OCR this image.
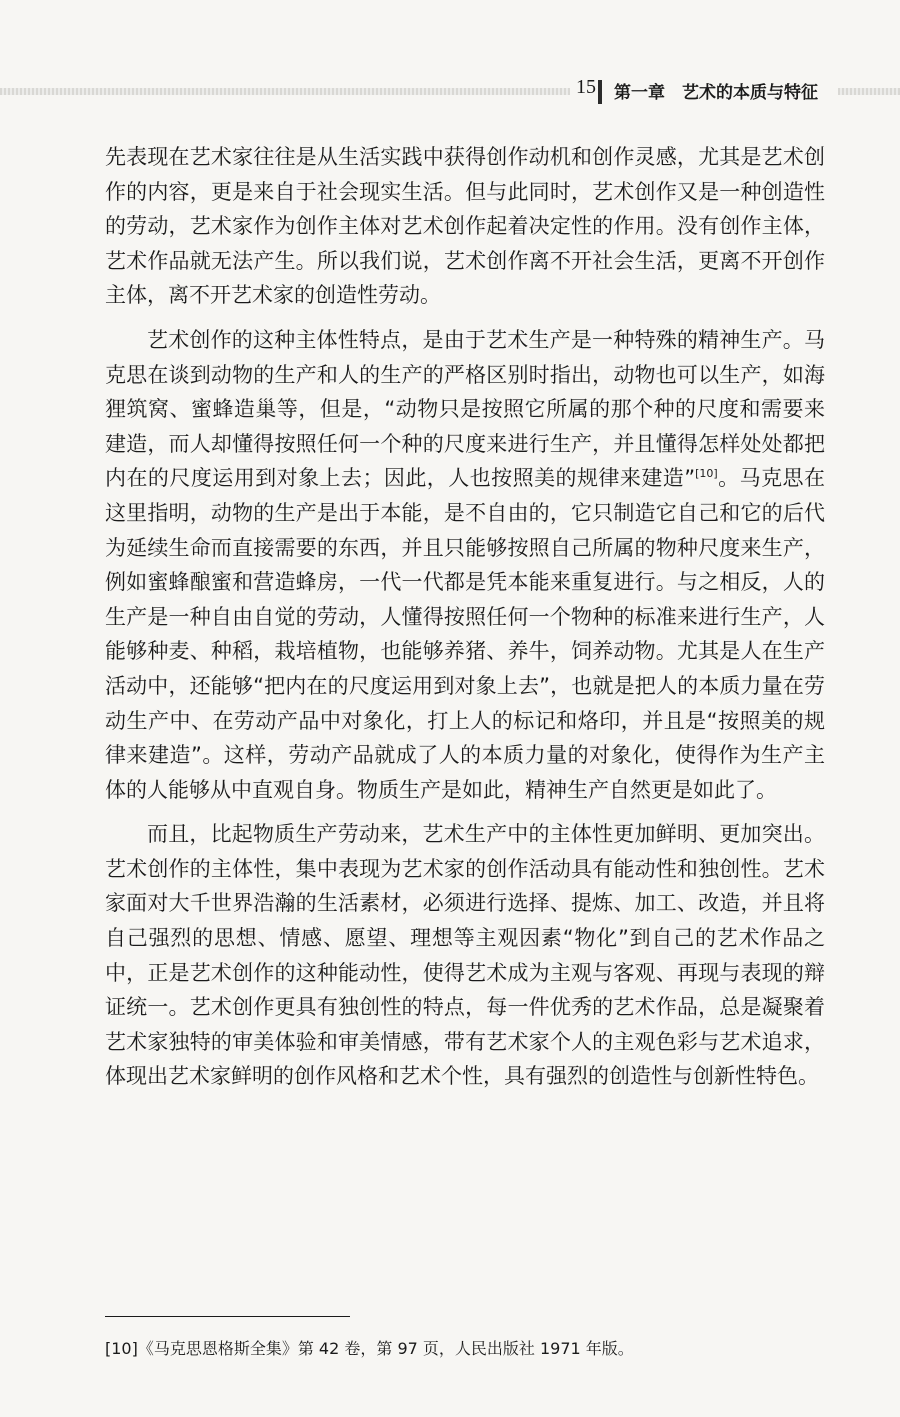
15	第一章　艺术的本质与特征

先表现在艺术家往往是从生活实践中获得创作动机和创作灵感，尤其是艺术创作的内容，更是来自于社会现实生活。但与此同时，艺术创作又是一种创造性的劳动，艺术家作为创作主体对艺术创作起着决定性的作用。没有创作主体，艺术作品就无法产生。所以我们说，艺术创作离不开社会生活，更离不开创作主体，离不开艺术家的创造性劳动。

艺术创作的这种主体性特点，是由于艺术生产是一种特殊的精神生产。马克思在谈到动物的生产和人的生产的严格区别时指出，动物也可以生产，如海狸筑窝、蜜蜂造巢等，但是，“动物只是按照它所属的那个种的尺度和需要来建造，而人却懂得按照任何一个种的尺度来进行生产，并且懂得怎样处处都把内在的尺度运用到对象上去；因此，人也按照美的规律来建造”[10]。马克思在这里指明，动物的生产是出于本能，是不自由的，它只制造它自己和它的后代为延续生命而直接需要的东西，并且只能够按照自己所属的物种尺度来生产，例如蜜蜂酿蜜和营造蜂房，一代一代都是凭本能来重复进行。与之相反，人的生产是一种自由自觉的劳动，人懂得按照任何一个物种的标准来进行生产，人能够种麦、种稻，栽培植物，也能够养猪、养牛，饲养动物。尤其是人在生产活动中，还能够“把内在的尺度运用到对象上去”，也就是把人的本质力量在劳动生产中、在劳动产品中对象化，打上人的标记和烙印，并且是“按照美的规律来建造”。这样，劳动产品就成了人的本质力量的对象化，使得作为生产主体的人能够从中直观自身。物质生产是如此，精神生产自然更是如此了。

而且，比起物质生产劳动来，艺术生产中的主体性更加鲜明、更加突出。艺术创作的主体性，集中表现为艺术家的创作活动具有能动性和独创性。艺术家面对大千世界浩瀚的生活素材，必须进行选择、提炼、加工、改造，并且将自己强烈的思想、情感、愿望、理想等主观因素“物化”到自己的艺术作品之中，正是艺术创作的这种能动性，使得艺术成为主观与客观、再现与表现的辩证统一。艺术创作更具有独创性的特点，每一件优秀的艺术作品，总是凝聚着艺术家独特的审美体验和审美情感，带有艺术家个人的主观色彩与艺术追求，体现出艺术家鲜明的创作风格和艺术个性，具有强烈的创造性与创新性特色。

[10]《马克思恩格斯全集》第 42 卷，第 97 页，人民出版社 1971 年版。
